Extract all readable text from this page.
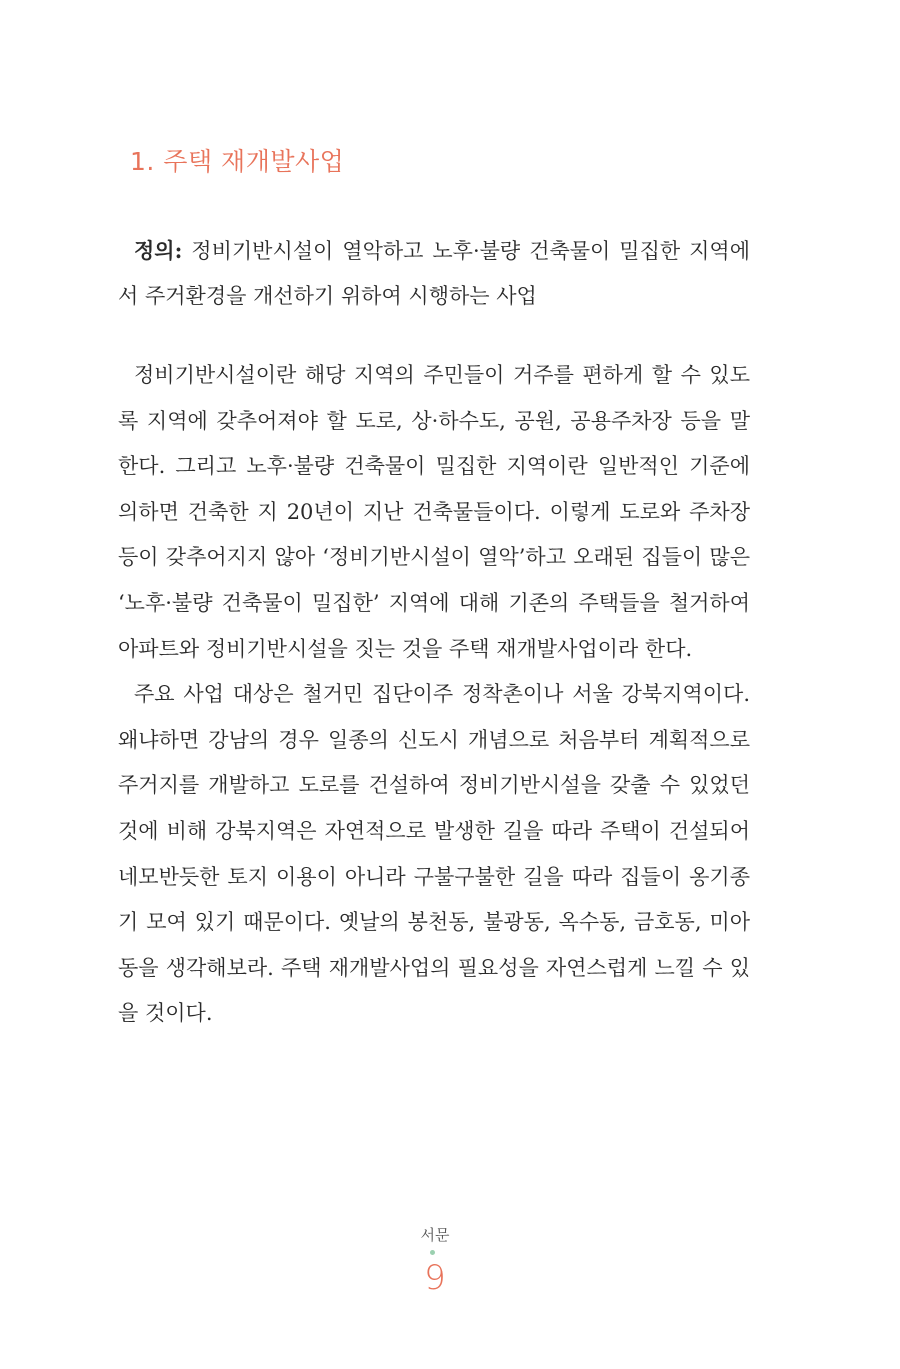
1. 주택 재개발사업

정의: 정비기반시설이 열악하고 노후·불량 건축물이 밀집한 지역에서 주거환경을 개선하기 위하여 시행하는 사업

정비기반시설이란 해당 지역의 주민들이 거주를 편하게 할 수 있도록 지역에 갖추어져야 할 도로, 상·하수도, 공원, 공용주차장 등을 말한다. 그리고 노후·불량 건축물이 밀집한 지역이란 일반적인 기준에 의하면 건축한 지 20년이 지난 건축물들이다. 이렇게 도로와 주차장 등이 갖추어지지 않아 ‘정비기반시설이 열악’하고 오래된 집들이 많은 ‘노후·불량 건축물이 밀집한’ 지역에 대해 기존의 주택들을 철거하여 아파트와 정비기반시설을 짓는 것을 주택 재개발사업이라 한다.

주요 사업 대상은 철거민 집단이주 정착촌이나 서울 강북지역이다. 왜냐하면 강남의 경우 일종의 신도시 개념으로 처음부터 계획적으로 주거지를 개발하고 도로를 건설하여 정비기반시설을 갖출 수 있었던 것에 비해 강북지역은 자연적으로 발생한 길을 따라 주택이 건설되어 네모반듯한 토지 이용이 아니라 구불구불한 길을 따라 집들이 옹기종기 모여 있기 때문이다. 옛날의 봉천동, 불광동, 옥수동, 금호동, 미아동을 생각해보라. 주택 재개발사업의 필요성을 자연스럽게 느낄 수 있을 것이다.

서문
9
